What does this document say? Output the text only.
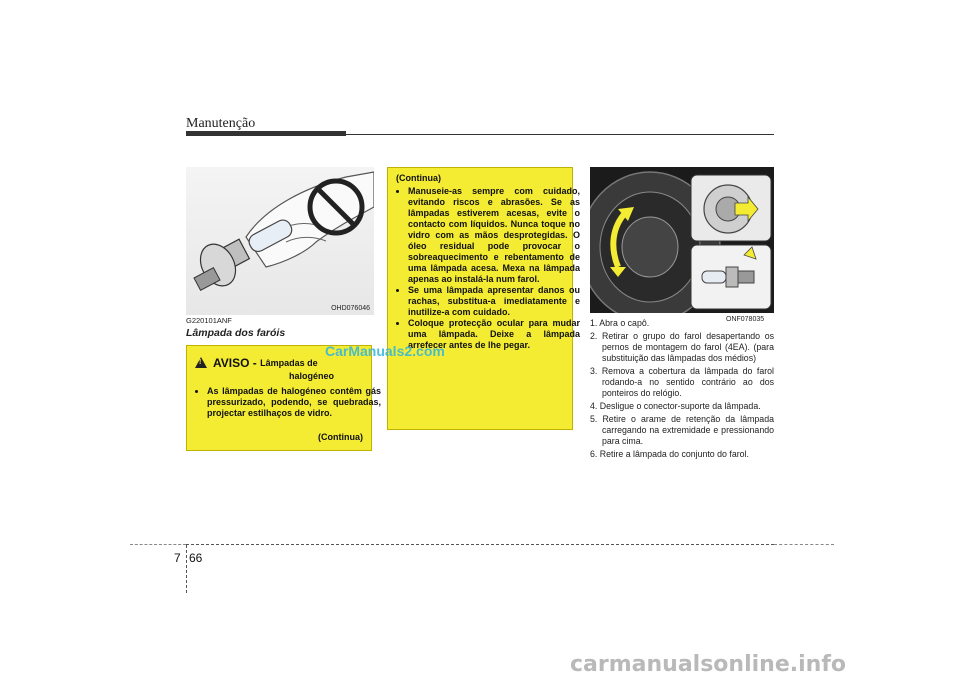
Manutenção
OHD076046
ONF078035
G220101ANF
Lâmpada dos faróis
! AVISO - Lâmpadas de
halogéneo
• As lâmpadas de halogéneo contêm gás pressurizado, podendo, se quebradas, projectar estilhaços de vidro.
(Continua)
(Continua)
• Manuseie-as sempre com cuidado, evitando riscos e abrasões. Se as lâmpadas estiverem acesas, evite o contacto com líquidos. Nunca toque no vidro com as mãos desprotegidas. O óleo residual pode provocar o sobreaquecimento e rebentamento de uma lâmpada acesa. Mexa na lâmpada apenas ao instalá-la num farol.
• Se uma lâmpada apresentar danos ou rachas, substitua-a imediatamente e inutilize-a com cuidado.
• Coloque protecção ocular para mudar uma lâmpada. Deixe a lâmpada arrefecer antes de lhe pegar.
1. Abra o capô.
2. Retirar o grupo do farol desapertando os pernos de montagem do farol (4EA). (para substituição das lâmpadas dos médios)
3. Remova a cobertura da lâmpada do farol rodando-a no sentido contrário ao dos ponteiros do relógio.
4. Desligue o conector-suporte da lâmpada.
5. Retire o arame de retenção da lâmpada carregando na extremidade e pressionando para cima.
6. Retire a lâmpada do conjunto do farol.
7 66
CarManuals2.com
carmanualsonline.info
